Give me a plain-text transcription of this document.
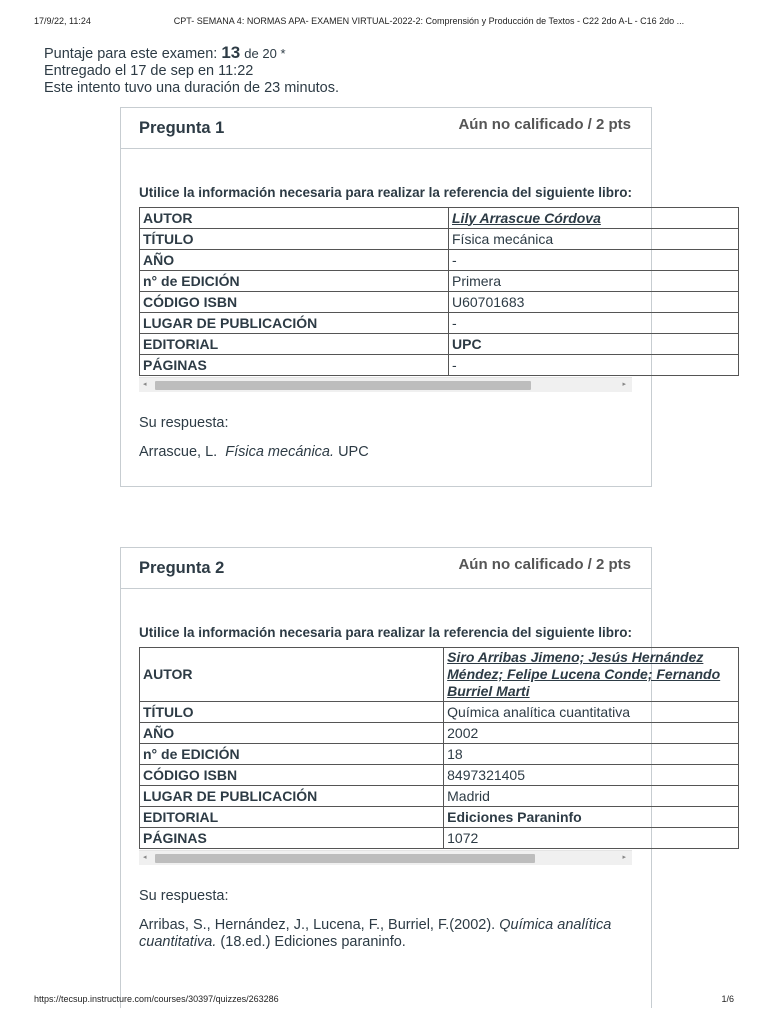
17/9/22, 11:24	CPT- SEMANA 4: NORMAS APA- EXAMEN VIRTUAL-2022-2: Comprensión y Producción de Textos - C22 2do A-L - C16 2do ...
Puntaje para este examen: 13 de 20 *
Entregado el 17 de sep en 11:22
Este intento tuvo una duración de 23 minutos.
Pregunta 1	Aún no calificado / 2 pts
Utilice la información necesaria para realizar la referencia del siguiente libro:
AUTOR	Lily Arrascue Córdova
TÍTULO	Física mecánica
AÑO	-
n° de EDICIÓN	Primera
CÓDIGO ISBN	U60701683
LUGAR DE PUBLICACIÓN	-
EDITORIAL	UPC
PÁGINAS	-
◂	▸
Su respuesta:
Arrascue, L. Física mecánica. UPC
Pregunta 2	Aún no calificado / 2 pts
Utilice la información necesaria para realizar la referencia del siguiente libro:
AUTOR	Siro Arribas Jimeno; Jesús Hernández Méndez; Felipe Lucena Conde; Fernando Burriel Marti
TÍTULO	Química analítica cuantitativa
AÑO	2002
n° de EDICIÓN	18
CÓDIGO ISBN	8497321405
LUGAR DE PUBLICACIÓN	Madrid
EDITORIAL	Ediciones Paraninfo
PÁGINAS	1072
◂	▸
Su respuesta:
Arribas, S., Hernández, J., Lucena, F., Burriel, F.(2002). Química analítica        cuantitativa. (18.ed.) Ediciones paraninfo.
https://tecsup.instructure.com/courses/30397/quizzes/263286	1/6
